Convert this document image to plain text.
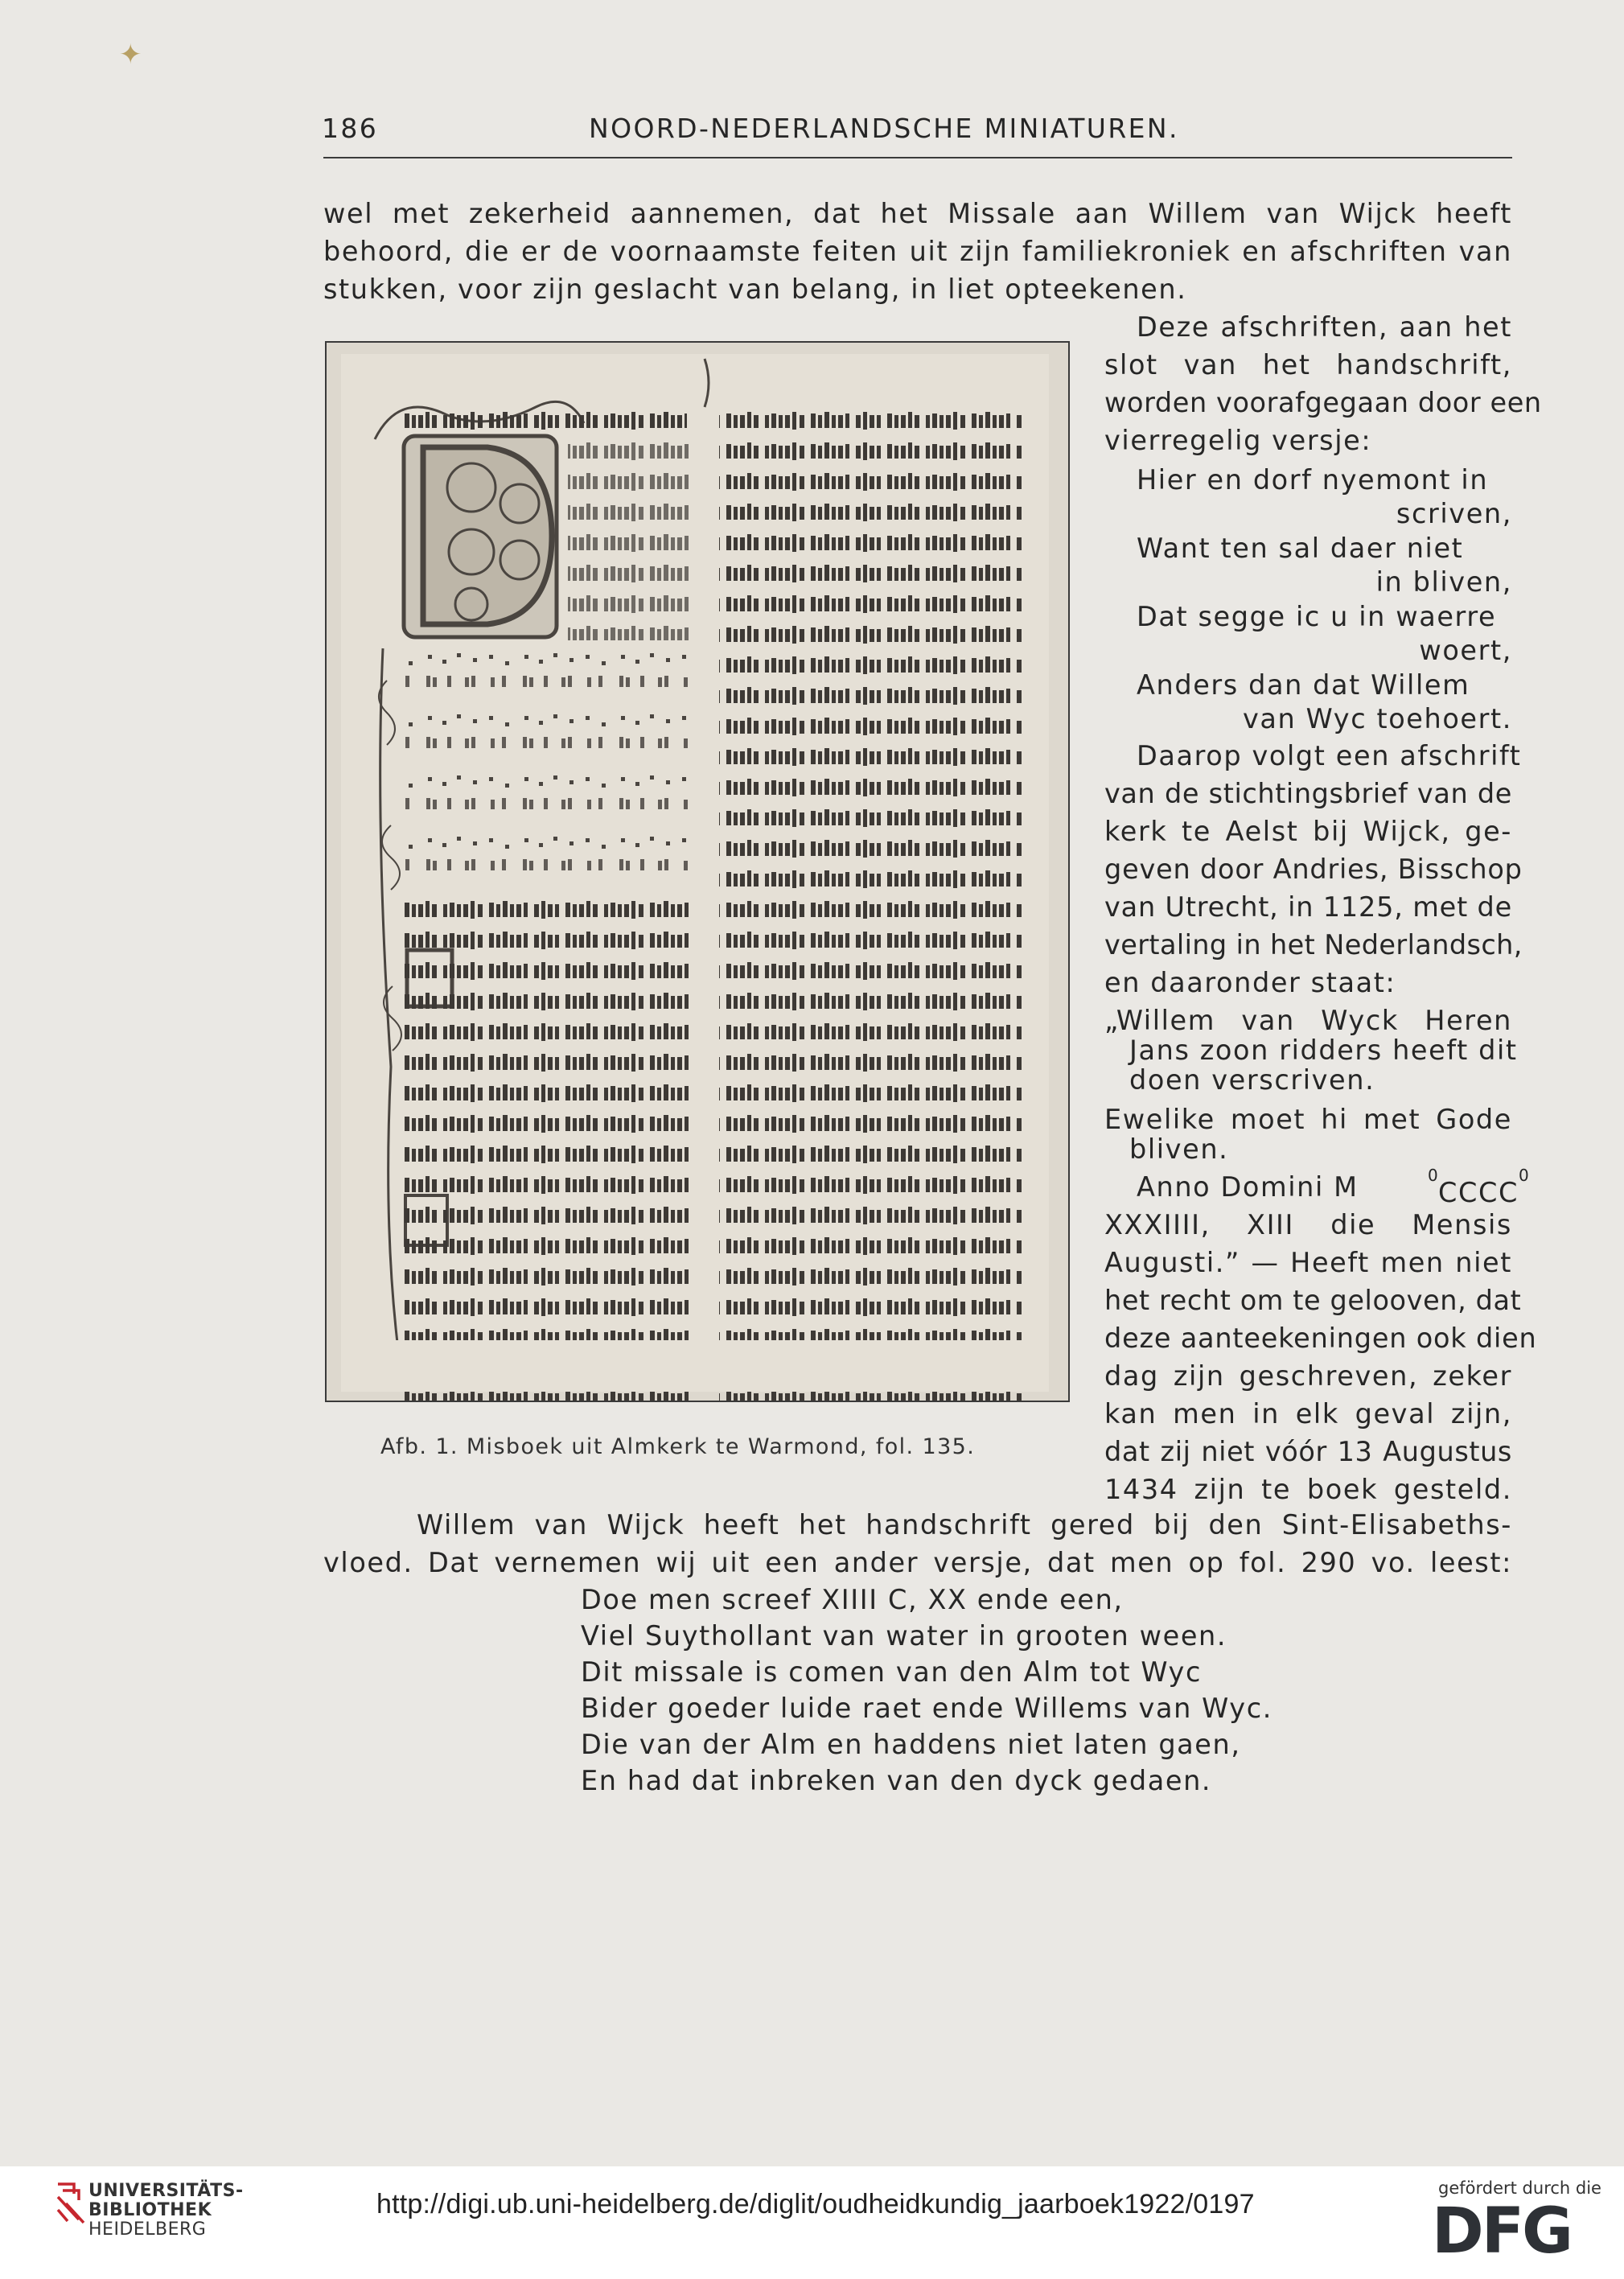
✦
186	NOORD-NEDERLANDSCHE MINIATUREN.
wel met zekerheid aannemen, dat het Missale aan Willem van Wijck heeft
behoord, die er de voornaamste feiten uit zijn familiekroniek en afschriften van
stukken, voor zijn geslacht van belang, in liet opteekenen.
Deze afschriften, aan het
slot van het handschrift,
worden voorafgegaan door een
vierregelig versje:
Hier en dorf nyemont in
scriven,
Want ten sal daer niet
in bliven,
Dat segge ic u in waerre
woert,
Anders dan dat Willem
van Wyc toehoert.
Daarop volgt een afschrift
van de stichtingsbrief van de
kerk te Aelst bij Wijck, ge-
geven door Andries, Bisschop
van Utrecht, in 1125, met de
vertaling in het Nederlandsch,
en daaronder staat:
„Willem van Wyck Heren
Jans zoon ridders heeft dit
doen verscriven.
Ewelike moet hi met Gode
bliven.
Anno Domini M	0
CCCC$^0$
XXXIIII, XIII die Mensis
Augusti.” — Heeft men niet
het recht om te gelooven, dat
deze aanteekeningen ook dien
dag zijn geschreven, zeker
kan men in elk geval zijn,
dat zij niet vóór 13 Augustus
1434 zijn te boek gesteld.
Willem van Wijck heeft het handschrift gered bij den Sint-Elisabeths-
vloed. Dat vernemen wij uit een ander versje, dat men op fol. 290 vo. leest:
Doe men screef XIIII C, XX ende een,
Viel Suythollant van water in grooten ween.
Dit missale is comen van den Alm tot Wyc
Bider goeder luide raet ende Willems van Wyc.
Die van der Alm en haddens niet laten gaen,
En had dat inbreken van den dyck gedaen.
Afb. 1. Misboek uit Almkerk te Warmond, fol. 135.
UNIVERSITÄTS-
BIBLIOTHEK
HEIDELBERG
http://digi.ub.uni-heidelberg.de/diglit/oudheidkundig_jaarboek1922/0197
gefördert durch die
DFG
